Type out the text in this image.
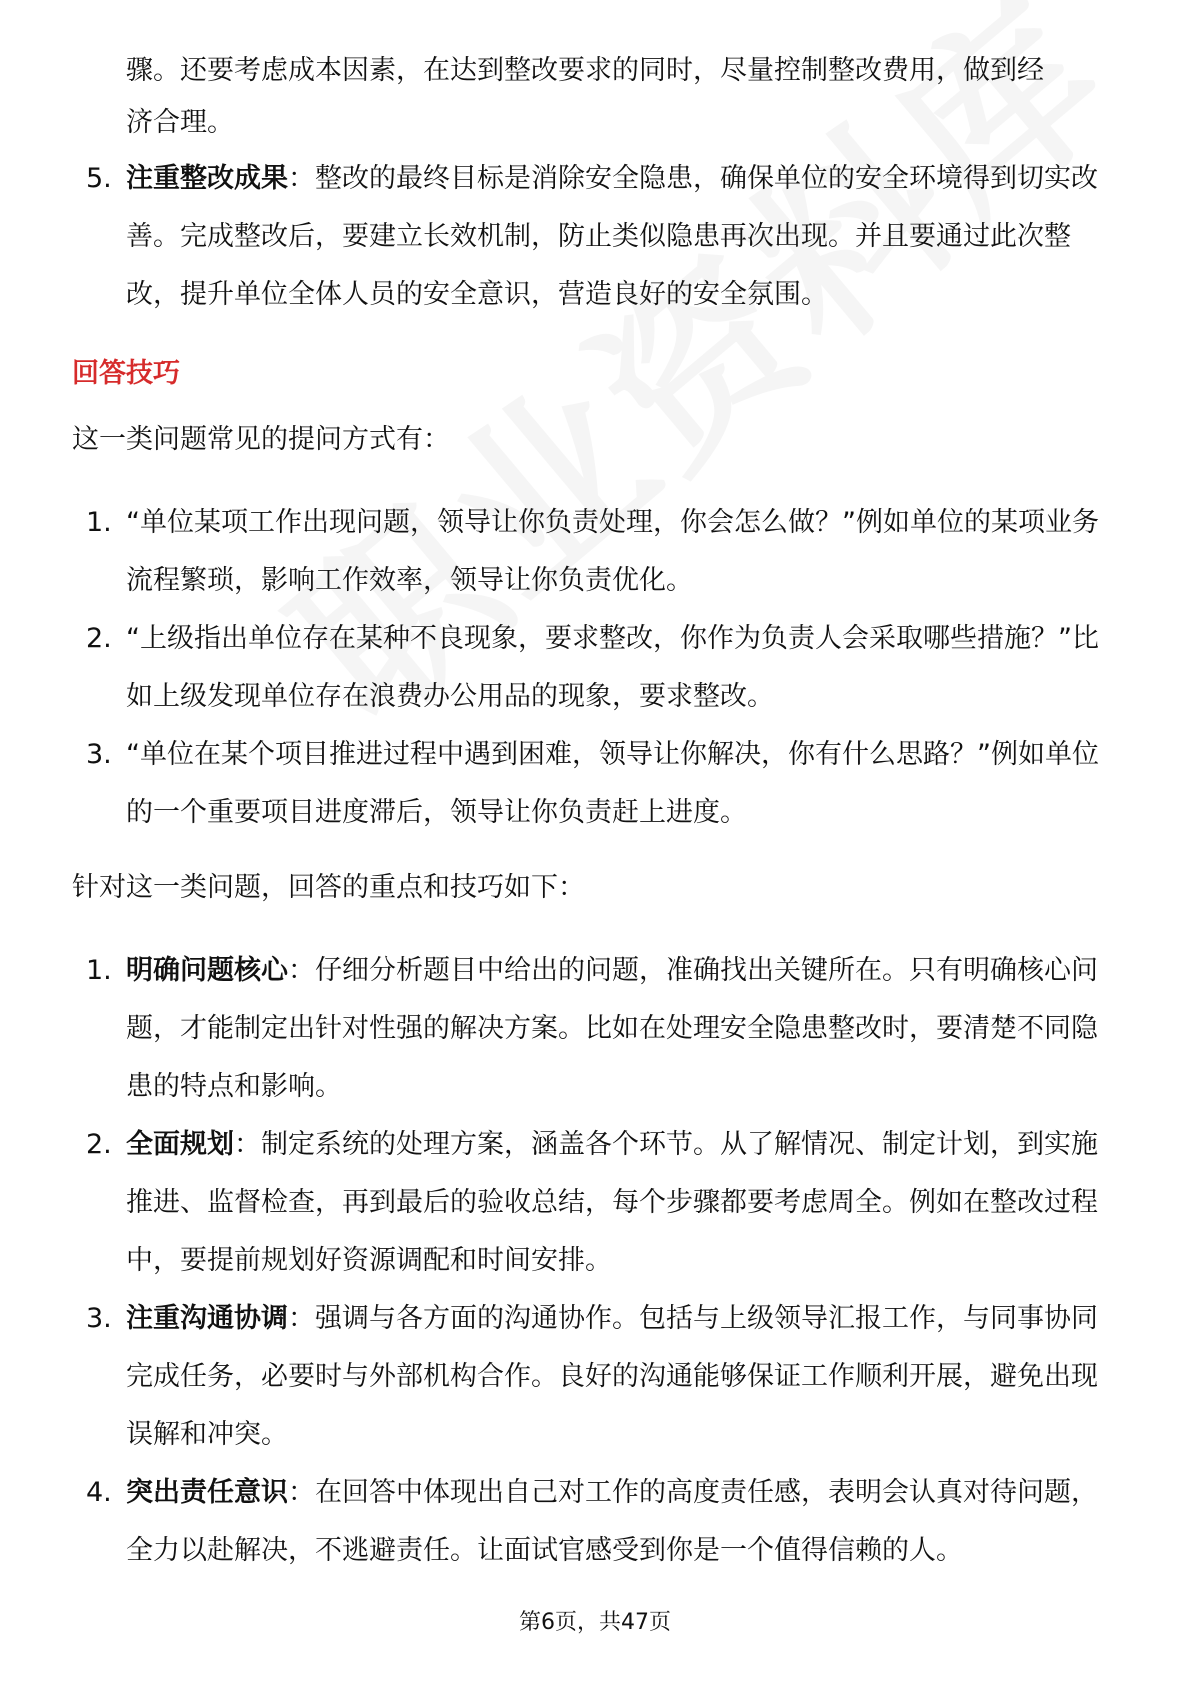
骤。还要考虑成本因素，在达到整改要求的同时，尽量控制整改费用，做到经
济合理。
5. 注重整改成果：整改的最终目标是消除安全隐患，确保单位的安全环境得到切实改善。完成整改后，要建立长效机制，防止类似隐患再次出现。并且要通过此次整改，提升单位全体人员的安全意识，营造良好的安全氛围。
回答技巧
这一类问题常见的提问方式有：
1. “单位某项工作出现问题，领导让你负责处理，你会怎么做？”例如单位的某项业务流程繁琐，影响工作效率，领导让你负责优化。
2. “上级指出单位存在某种不良现象，要求整改，你作为负责人会采取哪些措施？”比如上级发现单位存在浪费办公用品的现象，要求整改。
3. “单位在某个项目推进过程中遇到困难，领导让你解决，你有什么思路？”例如单位的一个重要项目进度滞后，领导让你负责赶上进度。
针对这一类问题，回答的重点和技巧如下：
1. 明确问题核心：仔细分析题目中给出的问题，准确找出关键所在。只有明确核心问题，才能制定出针对性强的解决方案。比如在处理安全隐患整改时，要清楚不同隐患的特点和影响。
2. 全面规划：制定系统的处理方案，涵盖各个环节。从了解情况、制定计划，到实施推进、监督检查，再到最后的验收总结，每个步骤都要考虑周全。例如在整改过程中，要提前规划好资源调配和时间安排。
3. 注重沟通协调：强调与各方面的沟通协作。包括与上级领导汇报工作，与同事协同完成任务，必要时与外部机构合作。良好的沟通能够保证工作顺利开展，避免出现误解和冲突。
4. 突出责任意识：在回答中体现出自己对工作的高度责任感，表明会认真对待问题，全力以赴解决，不逃避责任。让面试官感受到你是一个值得信赖的人。
第6页，共47页
